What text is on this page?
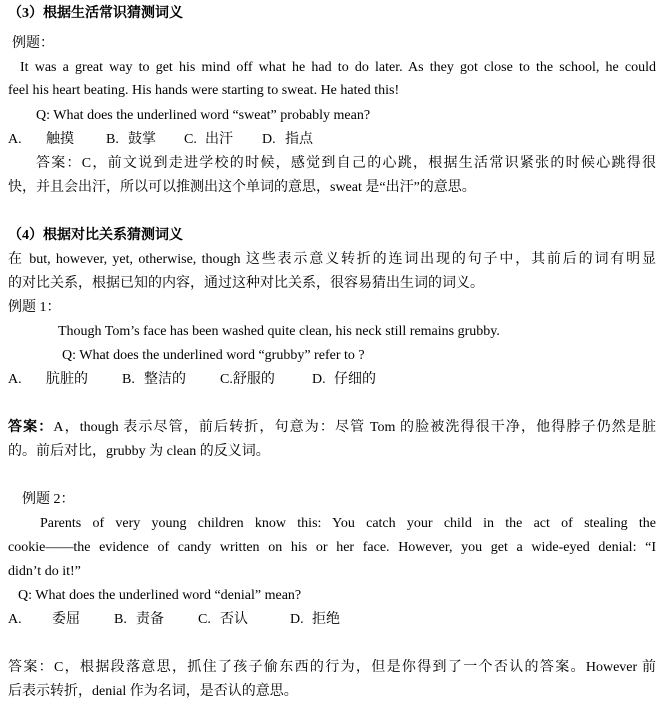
（3）根据生活常识猜测词义
例题：
It was a great way to get his mind off what he had to do later. As they got close to the school, he could
feel his heart beating. His hands were starting to sweat. He hated this!
Q: What does the underlined word “sweat” probably mean?
A. 触摸 B. 鼓掌 C. 出汗 D. 指点
答案：C，前文说到走进学校的时候，感觉到自己的心跳，根据生活常识紧张的时候心跳得很
快，并且会出汗，所以可以推测出这个单词的意思，sweat 是“出汗”的意思。
（4）根据对比关系猜测词义
在 but, however, yet, otherwise, though 这些表示意义转折的连词出现的句子中，其前后的词有明显
的对比关系，根据已知的内容，通过这种对比关系，很容易猜出生词的词义。
例题 1：
Though Tom’s face has been washed quite clean, his neck still remains grubby.
Q: What does the underlined word “grubby” refer to ?
A. 肮脏的 B. 整洁的 C.舒服的	D. 仔细的
答案：A，though 表示尽管，前后转折，句意为：尽管 Tom 的脸被洗得很干净，他得脖子仍然是脏
的。前后对比，grubby 为 clean 的反义词。
例题 2：
Parents of very young children know this: You catch your child in the act of stealing the
cookie——the evidence of candy written on his or her face. However, you get a wide-eyed denial: “I
didn’t do it!”
Q: What does the underlined word “denial” mean?
A. 委屈 B. 责备 C. 否认	D. 拒绝
答案：C，根据段落意思，抓住了孩子偷东西的行为，但是你得到了一个否认的答案。However 前
后表示转折，denial 作为名词，是否认的意思。
